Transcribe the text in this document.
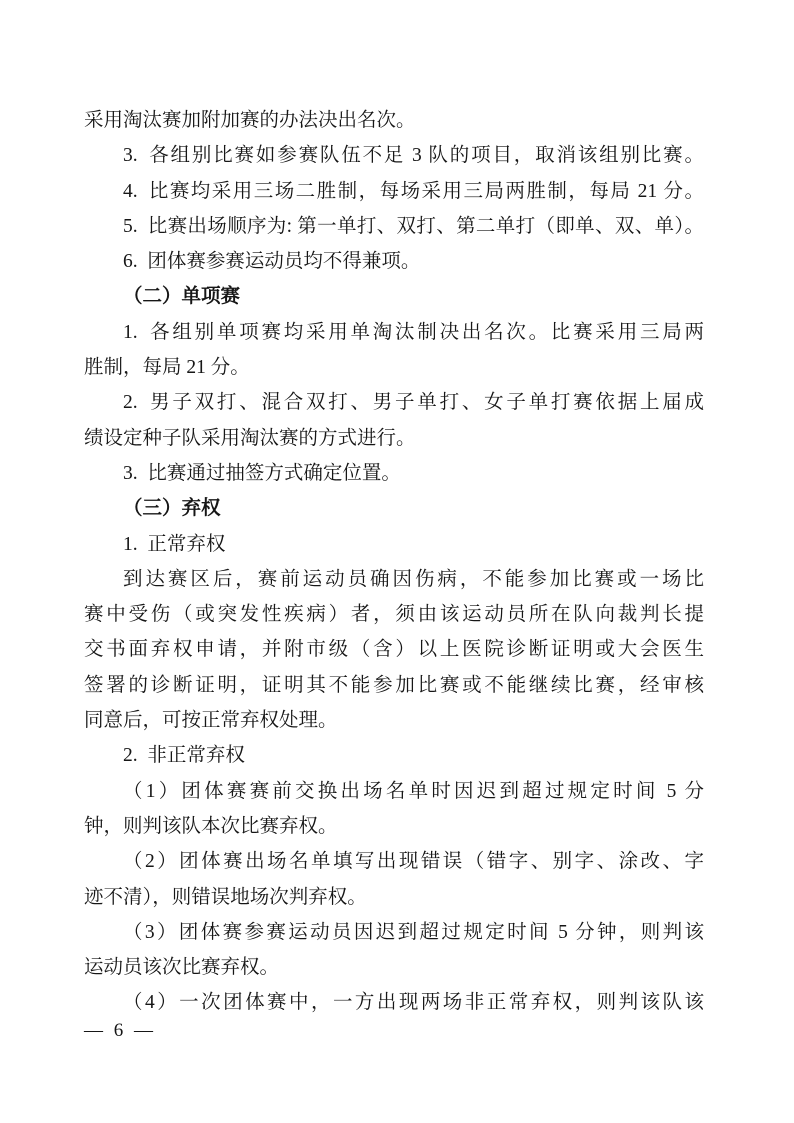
采用淘汰赛加附加赛的办法决出名次。
3. 各组别比赛如参赛队伍不足 3 队的项目，取消该组别比赛。
4. 比赛均采用三场二胜制，每场采用三局两胜制，每局 21 分。
5. 比赛出场顺序为: 第一单打、双打、第二单打（即单、双、单）。
6. 团体赛参赛运动员均不得兼项。
（二）单项赛
1. 各组别单项赛均采用单淘汰制决出名次。比赛采用三局两
胜制，每局 21 分。
2. 男子双打、混合双打、男子单打、女子单打赛依据上届成
绩设定种子队采用淘汰赛的方式进行。
3. 比赛通过抽签方式确定位置。
（三）弃权
1. 正常弃权
到达赛区后，赛前运动员确因伤病，不能参加比赛或一场比
赛中受伤（或突发性疾病）者，须由该运动员所在队向裁判长提
交书面弃权申请，并附市级（含）以上医院诊断证明或大会医生
签署的诊断证明，证明其不能参加比赛或不能继续比赛，经审核
同意后，可按正常弃权处理。
2. 非正常弃权
（1）团体赛赛前交换出场名单时因迟到超过规定时间 5 分
钟，则判该队本次比赛弃权。
（2）团体赛出场名单填写出现错误（错字、别字、涂改、字
迹不清），则错误地场次判弃权。
（3）团体赛参赛运动员因迟到超过规定时间 5 分钟，则判该
运动员该次比赛弃权。
（4）一次团体赛中，一方出现两场非正常弃权，则判该队该
— 6 —
